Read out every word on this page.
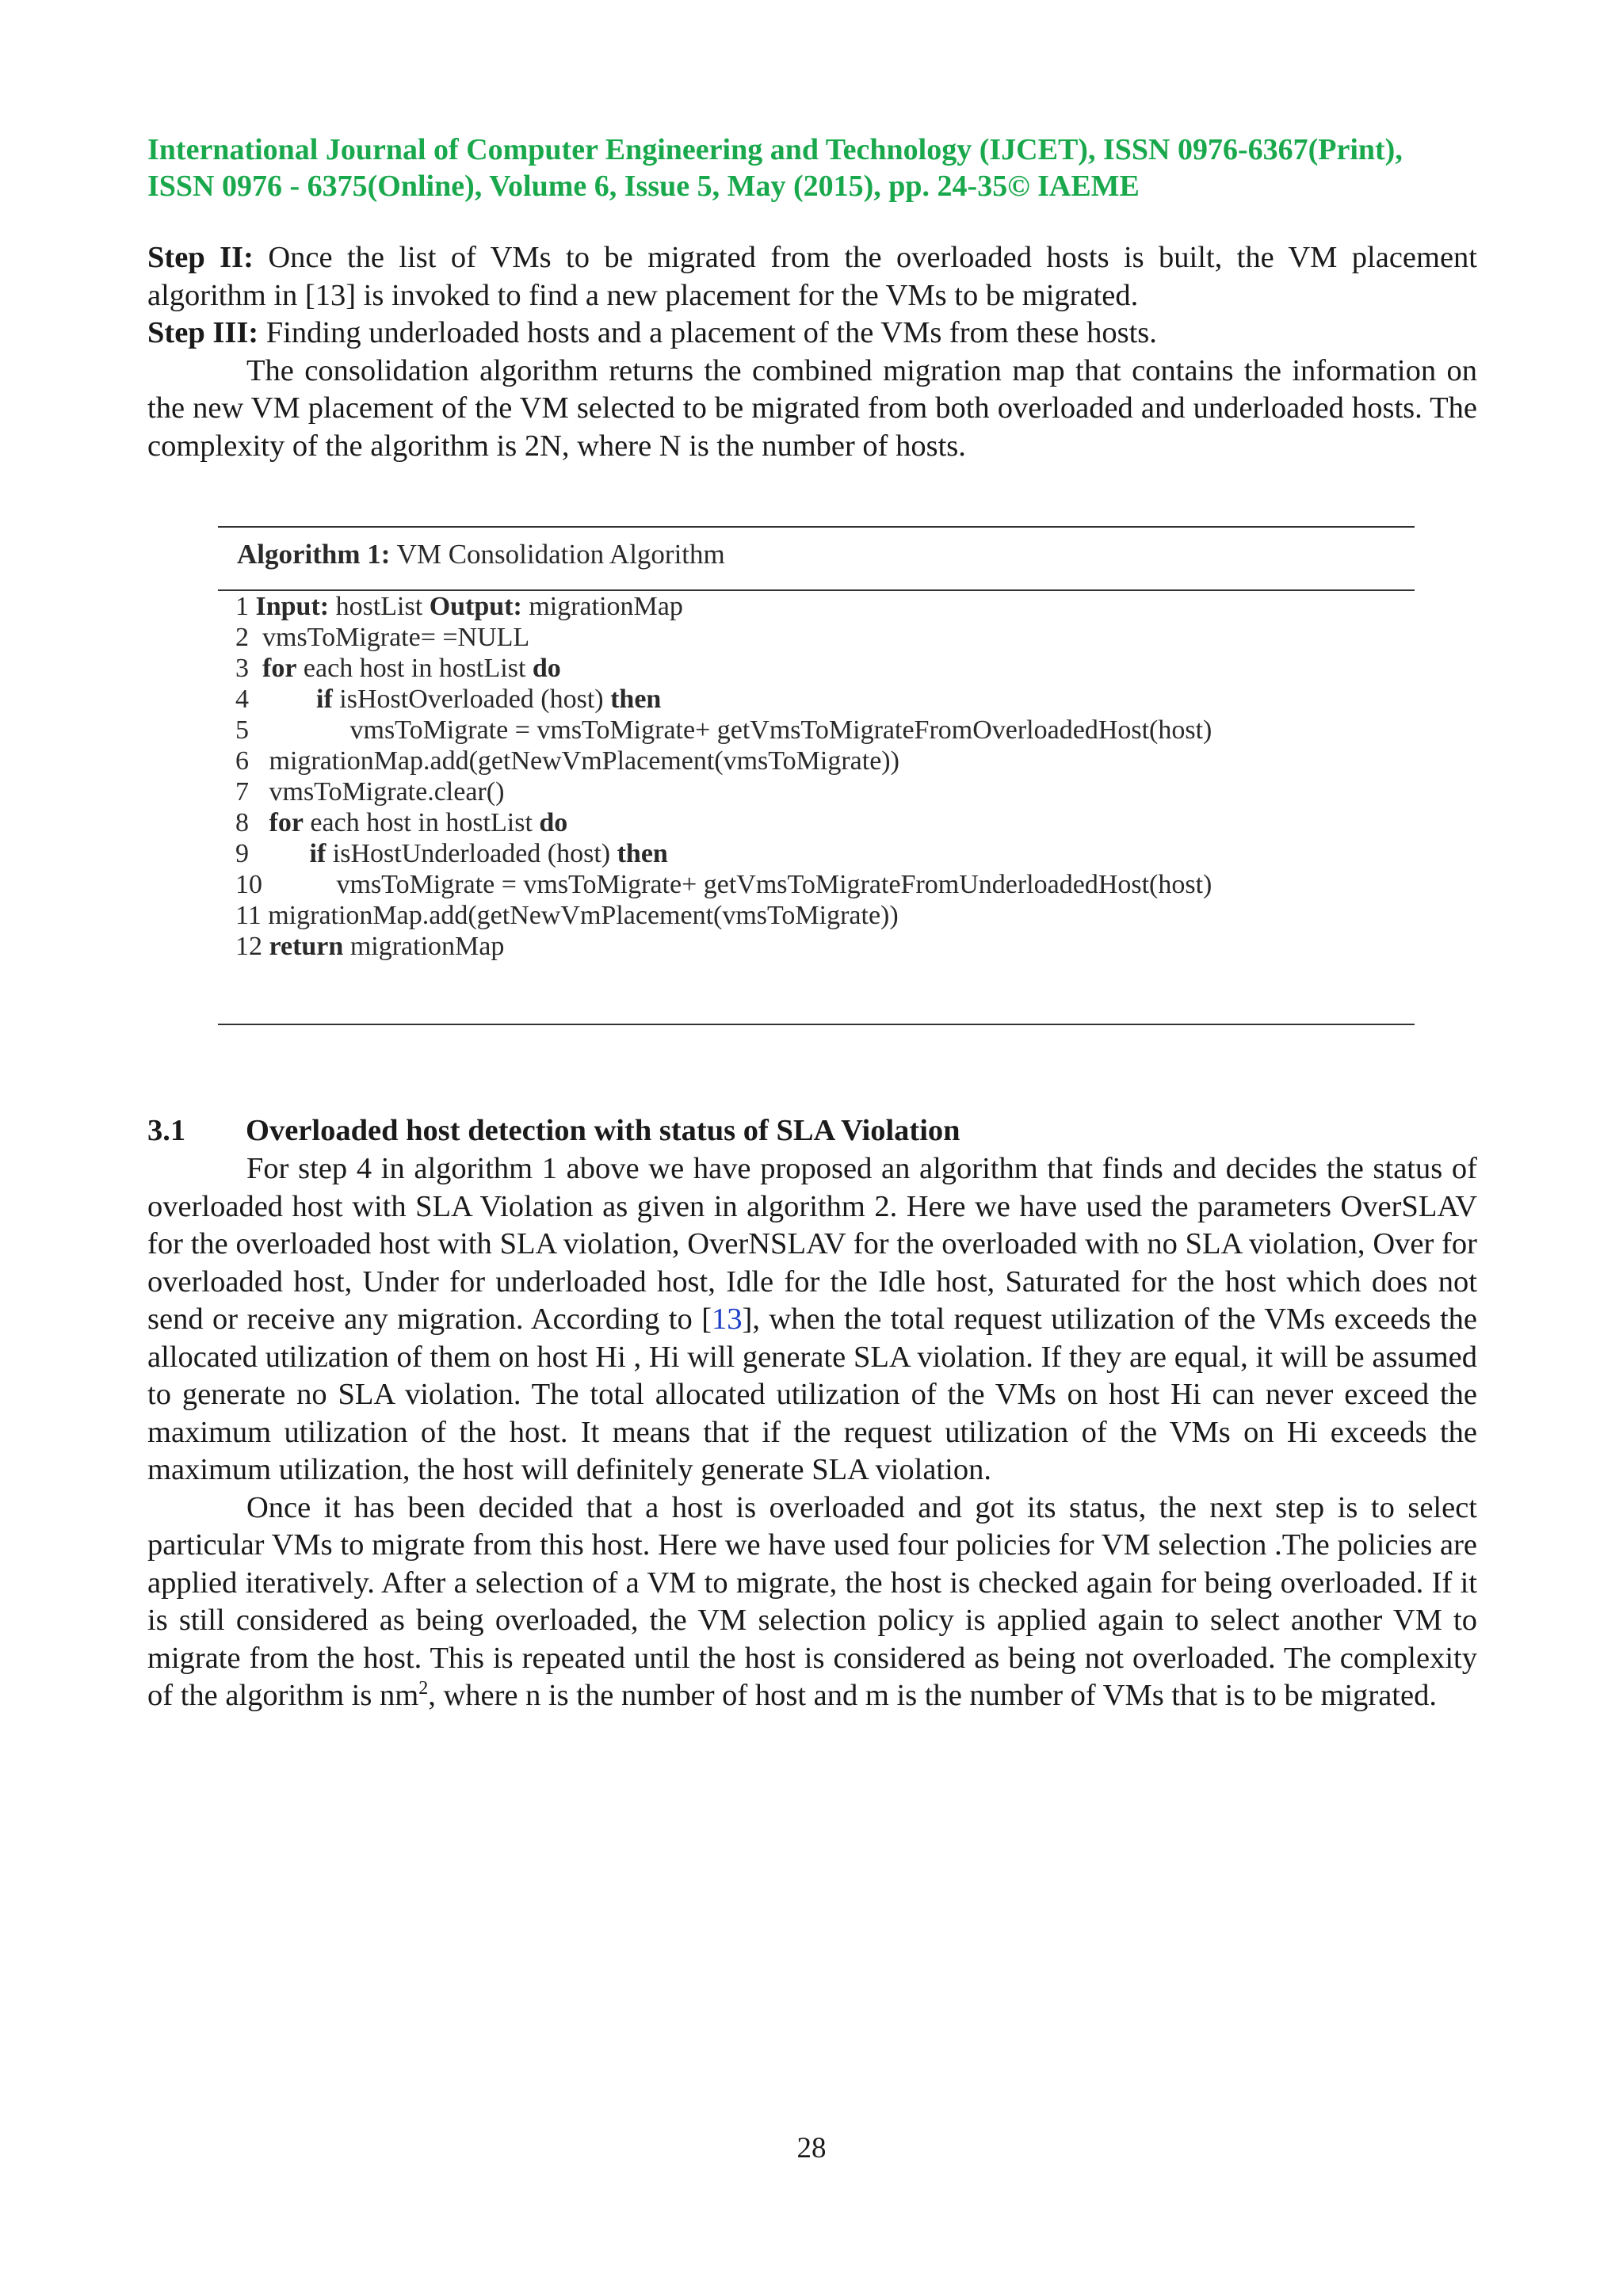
International Journal of Computer Engineering and Technology (IJCET), ISSN 0976-6367(Print),
ISSN 0976 - 6375(Online), Volume 6, Issue 5, May (2015), pp. 24-35© IAEME

Step II: Once the list of VMs to be migrated from the overloaded hosts is built, the VM placement algorithm in [13] is invoked to find a new placement for the VMs to be migrated.

Step III: Finding underloaded hosts and a placement of the VMs from these hosts.

The consolidation algorithm returns the combined migration map that contains the information on the new VM placement of the VM selected to be migrated from both overloaded and underloaded hosts. The complexity of the algorithm is 2N, where N is the number of hosts.

Algorithm 1: VM Consolidation Algorithm
1 Input: hostList Output: migrationMap
2  vmsToMigrate= =NULL
3  for each host in hostList do
4          if isHostOverloaded (host) then
5               vmsToMigrate = vmsToMigrate+ getVmsToMigrateFromOverloadedHost(host)
6   migrationMap.add(getNewVmPlacement(vmsToMigrate))
7   vmsToMigrate.clear()
8   for each host in hostList do
9         if isHostUnderloaded (host) then
10           vmsToMigrate = vmsToMigrate+ getVmsToMigrateFromUnderloadedHost(host)
11 migrationMap.add(getNewVmPlacement(vmsToMigrate))
12 return migrationMap
3.1 Overloaded host detection with status of SLA Violation

For step 4 in algorithm 1 above we have proposed an algorithm that finds and decides the status of overloaded host with SLA Violation as given in algorithm 2. Here we have used the parameters OverSLAV for the overloaded host with SLA violation, OverNSLAV for the overloaded with no SLA violation, Over for overloaded host, Under for underloaded host, Idle for the Idle host, Saturated for the host which does not send or receive any migration. According to [13], when the total request utilization of the VMs exceeds the allocated utilization of them on host Hi , Hi will generate SLA violation. If they are equal, it will be assumed to generate no SLA violation. The total allocated utilization of the VMs on host Hi can never exceed the maximum utilization of the host. It means that if the request utilization of the VMs on Hi exceeds the maximum utilization, the host will definitely generate SLA violation.

Once it has been decided that a host is overloaded and got its status, the next step is to select particular VMs to migrate from this host. Here we have used four policies for VM selection .The policies are applied iteratively. After a selection of a VM to migrate, the host is checked again for being overloaded. If it is still considered as being overloaded, the VM selection policy is applied again to select another VM to migrate from the host. This is repeated until the host is considered as being not overloaded. The complexity of the algorithm is $nm^2$, where n is the number of host and m is the number of VMs that is to be migrated.

28
